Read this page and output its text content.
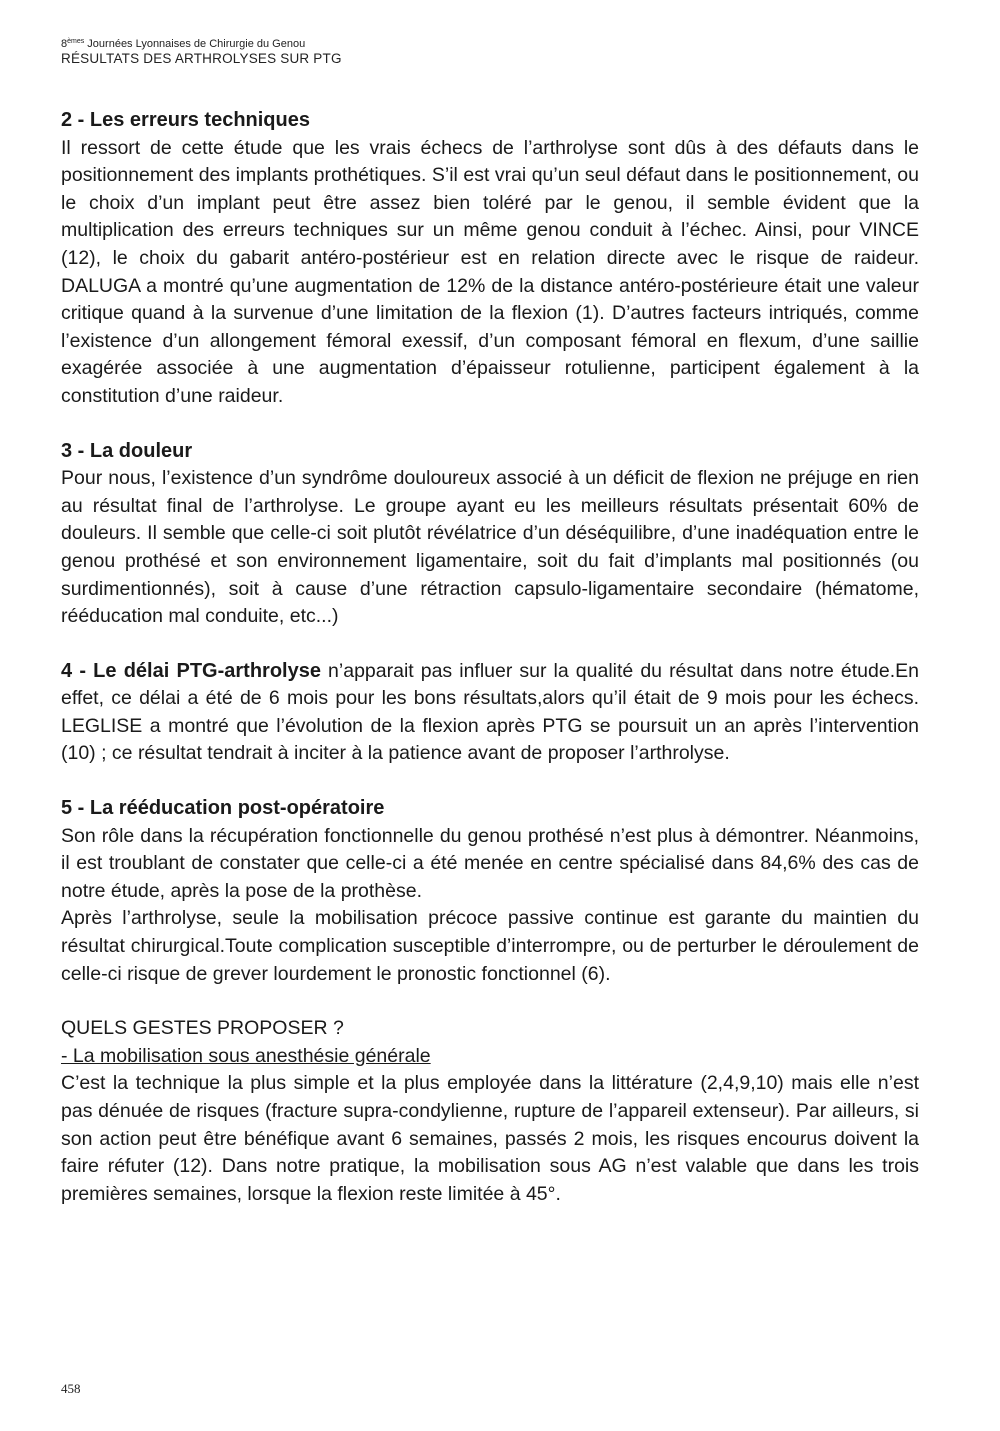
8èmes Journées Lyonnaises de Chirurgie du Genou
RÉSULTATS DES ARTHROLYSES SUR PTG

2 - Les erreurs techniques

Il ressort de cette étude que les vrais échecs de l’arthrolyse sont dûs à des défauts dans le positionnement des implants prothétiques. S’il est vrai qu’un seul défaut dans le positionnement, ou le choix d’un implant peut être assez bien toléré par le genou, il semble évident que la multiplication des erreurs techniques sur un même genou conduit à l’échec. Ainsi, pour VINCE (12), le choix du gabarit antéro-postérieur est en relation directe avec le risque de raideur. DALUGA a montré qu’une augmentation de 12% de la distance antéro-postérieure était une valeur critique quand à la survenue d’une limitation de la flexion (1). D’autres facteurs intriqués, comme l’existence d’un allongement fémoral exessif, d’un composant fémoral en flexum, d’une saillie exagérée associée à une augmentation d’épaisseur rotulienne, participent également à la constitution d’une raideur.

3 - La douleur

Pour nous, l’existence d’un syndrôme douloureux associé à un déficit de flexion ne préjuge en rien au résultat final de l’arthrolyse. Le groupe ayant eu les meilleurs résultats présentait 60% de douleurs. Il semble que celle-ci soit plutôt révélatrice d’un déséquilibre, d’une inadéquation entre le genou prothésé et son environnement ligamentaire, soit du fait d’implants mal positionnés (ou surdimentionnés), soit à cause d’une rétraction capsulo-ligamentaire secondaire (hématome, rééducation mal conduite, etc...)

4 - Le délai PTG-arthrolyse n’apparait pas influer sur la qualité du résultat dans notre étude.En effet, ce délai a été de 6 mois pour les bons résultats,alors qu’il était de 9 mois pour les échecs. LEGLISE a montré que l’évolution de la flexion après PTG se poursuit un an après l’intervention (10) ; ce résultat tendrait à inciter à la patience avant de proposer l’arthrolyse.

5 - La rééducation post-opératoire

Son rôle dans la récupération fonctionnelle du genou prothésé n’est plus à démontrer. Néanmoins, il est troublant de constater que celle-ci a été menée en centre spécialisé dans 84,6% des cas de notre étude, après la pose de la prothèse.

Après l’arthrolyse, seule la mobilisation précoce passive continue est garante du maintien du résultat chirurgical.Toute complication susceptible d’interrompre, ou de perturber le déroulement de celle-ci risque de grever lourdement le pronostic fonctionnel (6).

QUELS GESTES PROPOSER ?

- La mobilisation sous anesthésie générale

C’est la technique la plus simple et la plus employée dans la littérature (2,4,9,10) mais elle n’est pas dénuée de risques (fracture supra-condylienne, rupture de l’appareil extenseur). Par ailleurs, si son action peut être bénéfique avant 6 semaines, passés 2 mois, les risques encourus doivent la faire réfuter (12). Dans notre pratique, la mobilisation sous AG n’est valable que dans les trois premières semaines, lorsque la flexion reste limitée à 45°.

458
